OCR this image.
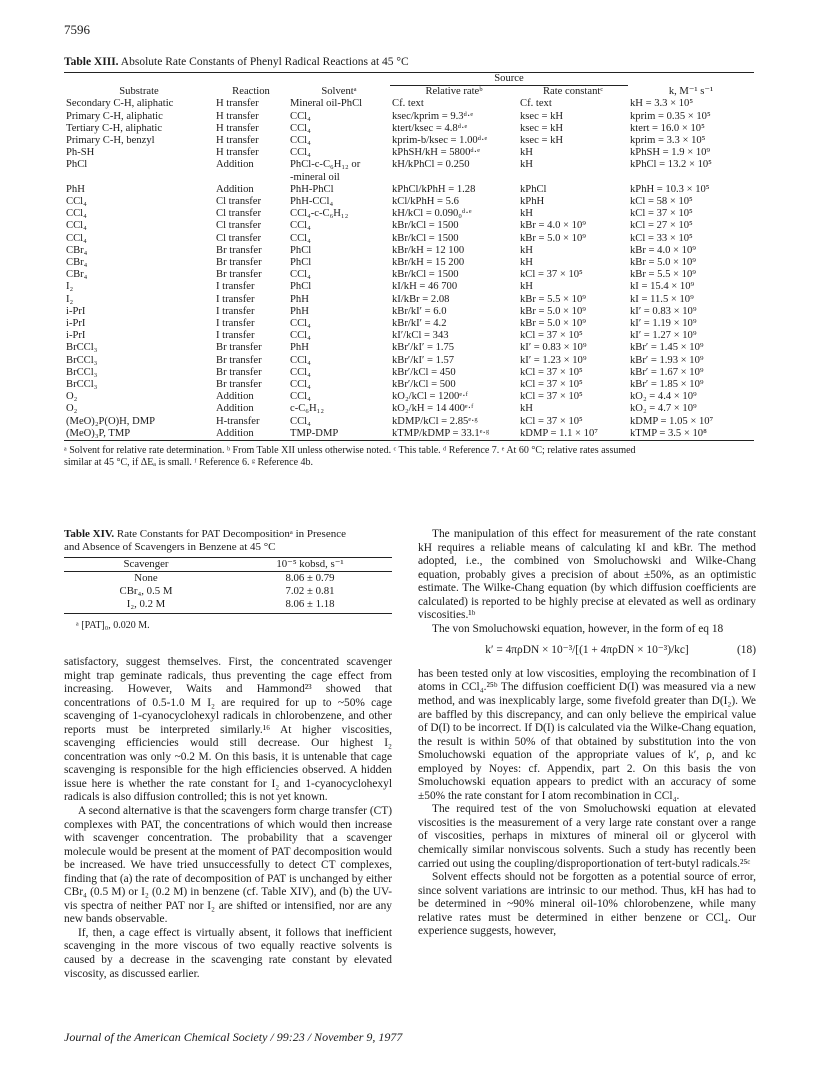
7596
Table XIII. Absolute Rate Constants of Phenyl Radical Reactions at 45 °C
			Source		
Substrate	Reaction	Solventᵃ	Relative rateᵇ	Rate constantᶜ	k, M⁻¹ s⁻¹
Secondary C-H, aliphatic	H transfer	Mineral oil-PhCl	Cf. text	Cf. text	kH = 3.3 × 10⁵
Primary C-H, aliphatic	H transfer	CCl₄	ksec/kprim = 9.3ᵈ·ᵉ	ksec = kH	kprim = 0.35 × 10⁵
Tertiary C-H, aliphatic	H transfer	CCl₄	ktert/ksec = 4.8ᵈ·ᵉ	ksec = kH	ktert = 16.0 × 10⁵
Primary C-H, benzyl	H transfer	CCl₄	kprim-b/ksec = 1.00ᵈ·ᵉ	ksec = kH	kprim = 3.3 × 10⁵
Ph-SH	H transfer	CCl₄	kPhSH/kH = 5800ᵈ·ᵉ	kH	kPhSH = 1.9 × 10⁹
PhCl	Addition	PhCl-c-C₆H₁₂ or	kH/kPhCl = 0.250	kH	kPhCl = 13.2 × 10⁵
		-mineral oil			
PhH	Addition	PhH-PhCl	kPhCl/kPhH = 1.28	kPhCl	kPhH = 10.3 × 10⁵
CCl₄	Cl transfer	PhH-CCl₄	kCl/kPhH = 5.6	kPhH	kCl = 58 × 10⁵
CCl₄	Cl transfer	CCl₄-c-C₆H₁₂	kH/kCl = 0.090₀ᵈ·ᵉ	kH	kCl = 37 × 10⁵
CCl₄	Cl transfer	CCl₄	kBr/kCl = 1500	kBr = 4.0 × 10⁹	kCl = 27 × 10⁵
CCl₄	Cl transfer	CCl₄	kBr/kCl = 1500	kBr = 5.0 × 10⁹	kCl = 33 × 10⁵
CBr₄	Br transfer	PhCl	kBr/kH = 12 100	kH	kBr = 4.0 × 10⁹
CBr₄	Br transfer	PhCl	kBr/kH = 15 200	kH	kBr = 5.0 × 10⁹
CBr₄	Br transfer	CCl₄	kBr/kCl = 1500	kCl = 37 × 10⁵	kBr = 5.5 × 10⁹
I₂	I transfer	PhCl	kI/kH = 46 700	kH	kI = 15.4 × 10⁹
I₂	I transfer	PhH	kI/kBr = 2.08	kBr = 5.5 × 10⁹	kI = 11.5 × 10⁹
i-PrI	I transfer	PhH	kBr/kI′ = 6.0	kBr = 5.0 × 10⁹	kI′ = 0.83 × 10⁹
i-PrI	I transfer	CCl₄	kBr/kI′ = 4.2	kBr = 5.0 × 10⁹	kI′ = 1.19 × 10⁹
i-PrI	I transfer	CCl₄	kI′/kCl = 343	kCl = 37 × 10⁵	kI′ = 1.27 × 10⁹
BrCCl₃	Br transfer	PhH	kBr′/kI′ = 1.75	kI′ = 0.83 × 10⁹	kBr′ = 1.45 × 10⁹
BrCCl₃	Br transfer	CCl₄	kBr′/kI′ = 1.57	kI′ = 1.23 × 10⁹	kBr′ = 1.93 × 10⁹
BrCCl₃	Br transfer	CCl₄	kBr′/kCl = 450	kCl = 37 × 10⁵	kBr′ = 1.67 × 10⁹
BrCCl₃	Br transfer	CCl₄	kBr′/kCl = 500	kCl = 37 × 10⁵	kBr′ = 1.85 × 10⁹
O₂	Addition	CCl₄	kO₂/kCl = 1200ᵉ·ᶠ	kCl = 37 × 10⁵	kO₂ = 4.4 × 10⁹
O₂	Addition	c-C₆H₁₂	kO₂/kH = 14 400ᵉ·ᶠ	kH	kO₂ = 4.7 × 10⁹
(MeO)₂P(O)H, DMP	H-transfer	CCl₄	kDMP/kCl = 2.85ᵉ·ᵍ	kCl = 37 × 10⁵	kDMP = 1.05 × 10⁷
(MeO)₃P, TMP	Addition	TMP-DMP	kTMP/kDMP = 33.1ᵉ·ᵍ	kDMP = 1.1 × 10⁷	kTMP = 3.5 × 10⁸
ᵃ Solvent for relative rate determination. ᵇ From Table XII unless otherwise noted. ᶜ This table. ᵈ Reference 7. ᵉ At 60 °C; relative rates assumed
similar at 45 °C, if ΔEₐ is small. ᶠ Reference 6. ᵍ Reference 4b.
Table XIV. Rate Constants for PAT Decompositionᵃ in Presence
and Absence of Scavengers in Benzene at 45 °C
Scavenger	10⁻⁵ kobsd, s⁻¹

None	8.06 ± 0.79
CBr₄, 0.5 M	7.02 ± 0.81
I₂, 0.2 M	8.06 ± 1.18

ᵃ [PAT]₀, 0.020 M.

satisfactory, suggest themselves. First, the concentrated scavenger might trap geminate radicals, thus preventing the cage effect from increasing. However, Waits and Hammond²³ showed that concentrations of 0.5-1.0 M I₂ are required for up to ~50% cage scavenging of 1-cyanocyclohexyl radicals in chlorobenzene, and other reports must be interpreted similarly.¹⁶ At higher viscosities, scavenging efficiencies would still decrease. Our highest I₂ concentration was only ~0.2 M. On this basis, it is untenable that cage scavenging is responsible for the high efficiencies observed. A hidden issue here is whether the rate constant for I₂ and 1-cyanocyclohexyl radicals is also diffusion controlled; this is not yet known.

A second alternative is that the scavengers form charge transfer (CT) complexes with PAT, the concentrations of which would then increase with scavenger concentration. The probability that a scavenger molecule would be present at the moment of PAT decomposition would be increased. We have tried unsuccessfully to detect CT complexes, finding that (a) the rate of decomposition of PAT is unchanged by either CBr₄ (0.5 M) or I₂ (0.2 M) in benzene (cf. Table XIV), and (b) the UV-vis spectra of neither PAT nor I₂ are shifted or intensified, nor are any new bands observable.

If, then, a cage effect is virtually absent, it follows that inefficient scavenging in the more viscous of two equally reactive solvents is caused by a decrease in the scavenging rate constant by elevated viscosity, as discussed earlier.

The manipulation of this effect for measurement of the rate constant kH requires a reliable means of calculating kI and kBr. The method adopted, i.e., the combined von Smoluchowski and Wilke-Chang equation, probably gives a precision of about ±50%, as an optimistic estimate. The Wilke-Chang equation (by which diffusion coefficients are calculated) is reported to be highly precise at elevated as well as ordinary viscosities.¹ᵇ

The von Smoluchowski equation, however, in the form of eq 18

k′ = 4πρDN × 10⁻³/[(1 + 4πρDN × 10⁻³)/kc]	(18)

has been tested only at low viscosities, employing the recombination of I atoms in CCl₄.²⁵ᵇ The diffusion coefficient D(I) was measured via a new method, and was inexplicably large, some fivefold greater than D(I₂). We are baffled by this discrepancy, and can only believe the empirical value of D(I) to be incorrect. If D(I) is calculated via the Wilke-Chang equation, the result is within 50% of that obtained by substitution into the von Smoluchowski equation of the appropriate values of k′, ρ, and kc employed by Noyes: cf. Appendix, part 2. On this basis the von Smoluchowski equation appears to predict with an accuracy of some ±50% the rate constant for I atom recombination in CCl₄.

The required test of the von Smoluchowski equation at elevated viscosities is the measurement of a very large rate constant over a range of viscosities, perhaps in mixtures of mineral oil or glycerol with chemically similar nonviscous solvents. Such a study has recently been carried out using the coupling/disproportionation of tert-butyl radicals.²⁵ᶜ

Solvent effects should not be forgotten as a potential source of error, since solvent variations are intrinsic to our method. Thus, kH has had to be determined in ~90% mineral oil-10% chlorobenzene, while many relative rates must be determined in either benzene or CCl₄. Our experience suggests, however,

Journal of the American Chemical Society / 99:23 / November 9, 1977
